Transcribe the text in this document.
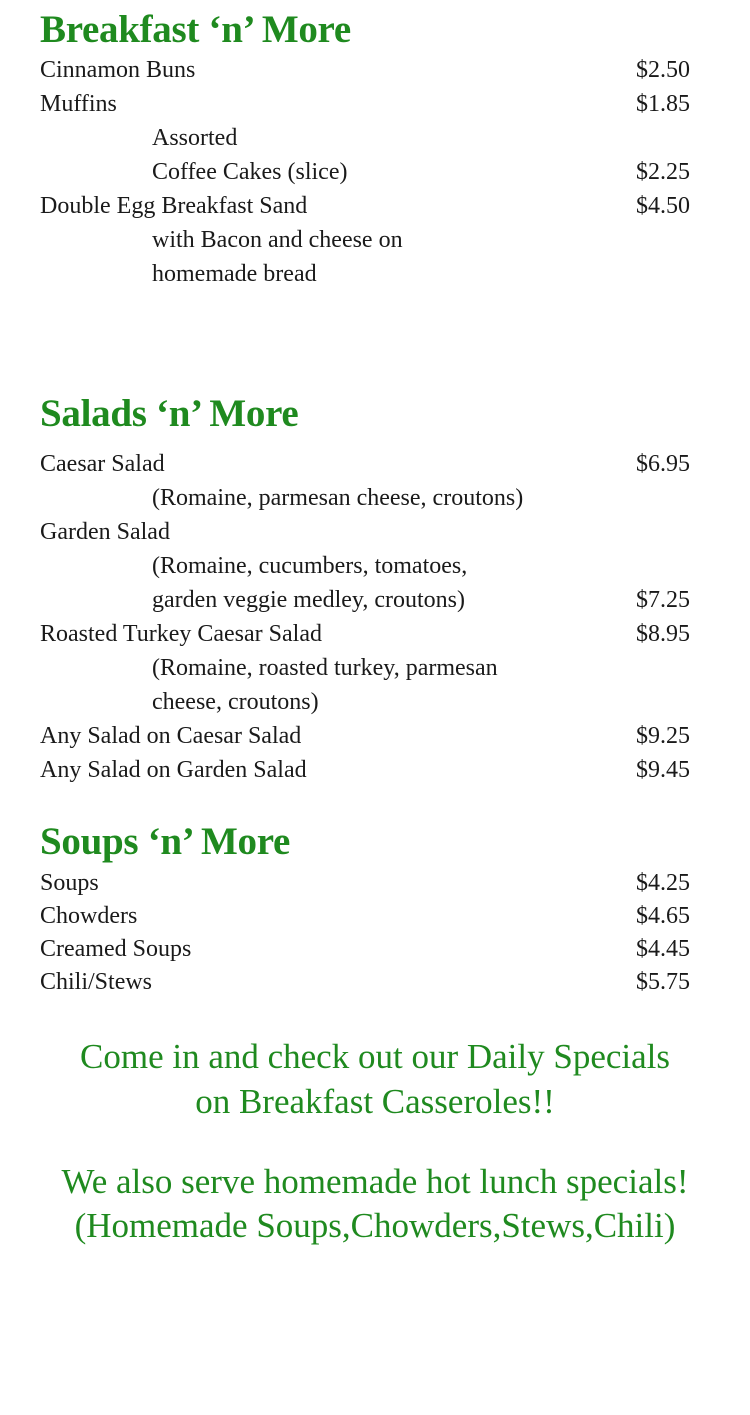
Breakfast ‘n’ More
Cinnamon Buns	$2.50
Muffins	$1.85
Assorted
Coffee Cakes (slice)	$2.25
Double Egg Breakfast Sand	$4.50
with Bacon and cheese on
homemade bread
Salads ‘n’ More
Caesar Salad	$6.95
(Romaine, parmesan cheese, croutons)
Garden Salad
(Romaine, cucumbers, tomatoes,
garden veggie medley, croutons)	$7.25
Roasted Turkey Caesar Salad	$8.95
(Romaine, roasted turkey, parmesan
cheese, croutons)
Any Salad on Caesar Salad	$9.25
Any Salad on Garden Salad	$9.45
Soups ‘n’ More
Soups	$4.25
Chowders	$4.65
Creamed Soups	$4.45
Chili/Stews	$5.75

Come in and check out our Daily Specials

on Breakfast Casseroles!!

We also serve homemade hot lunch specials!

(Homemade Soups,Chowders,Stews,Chili)
